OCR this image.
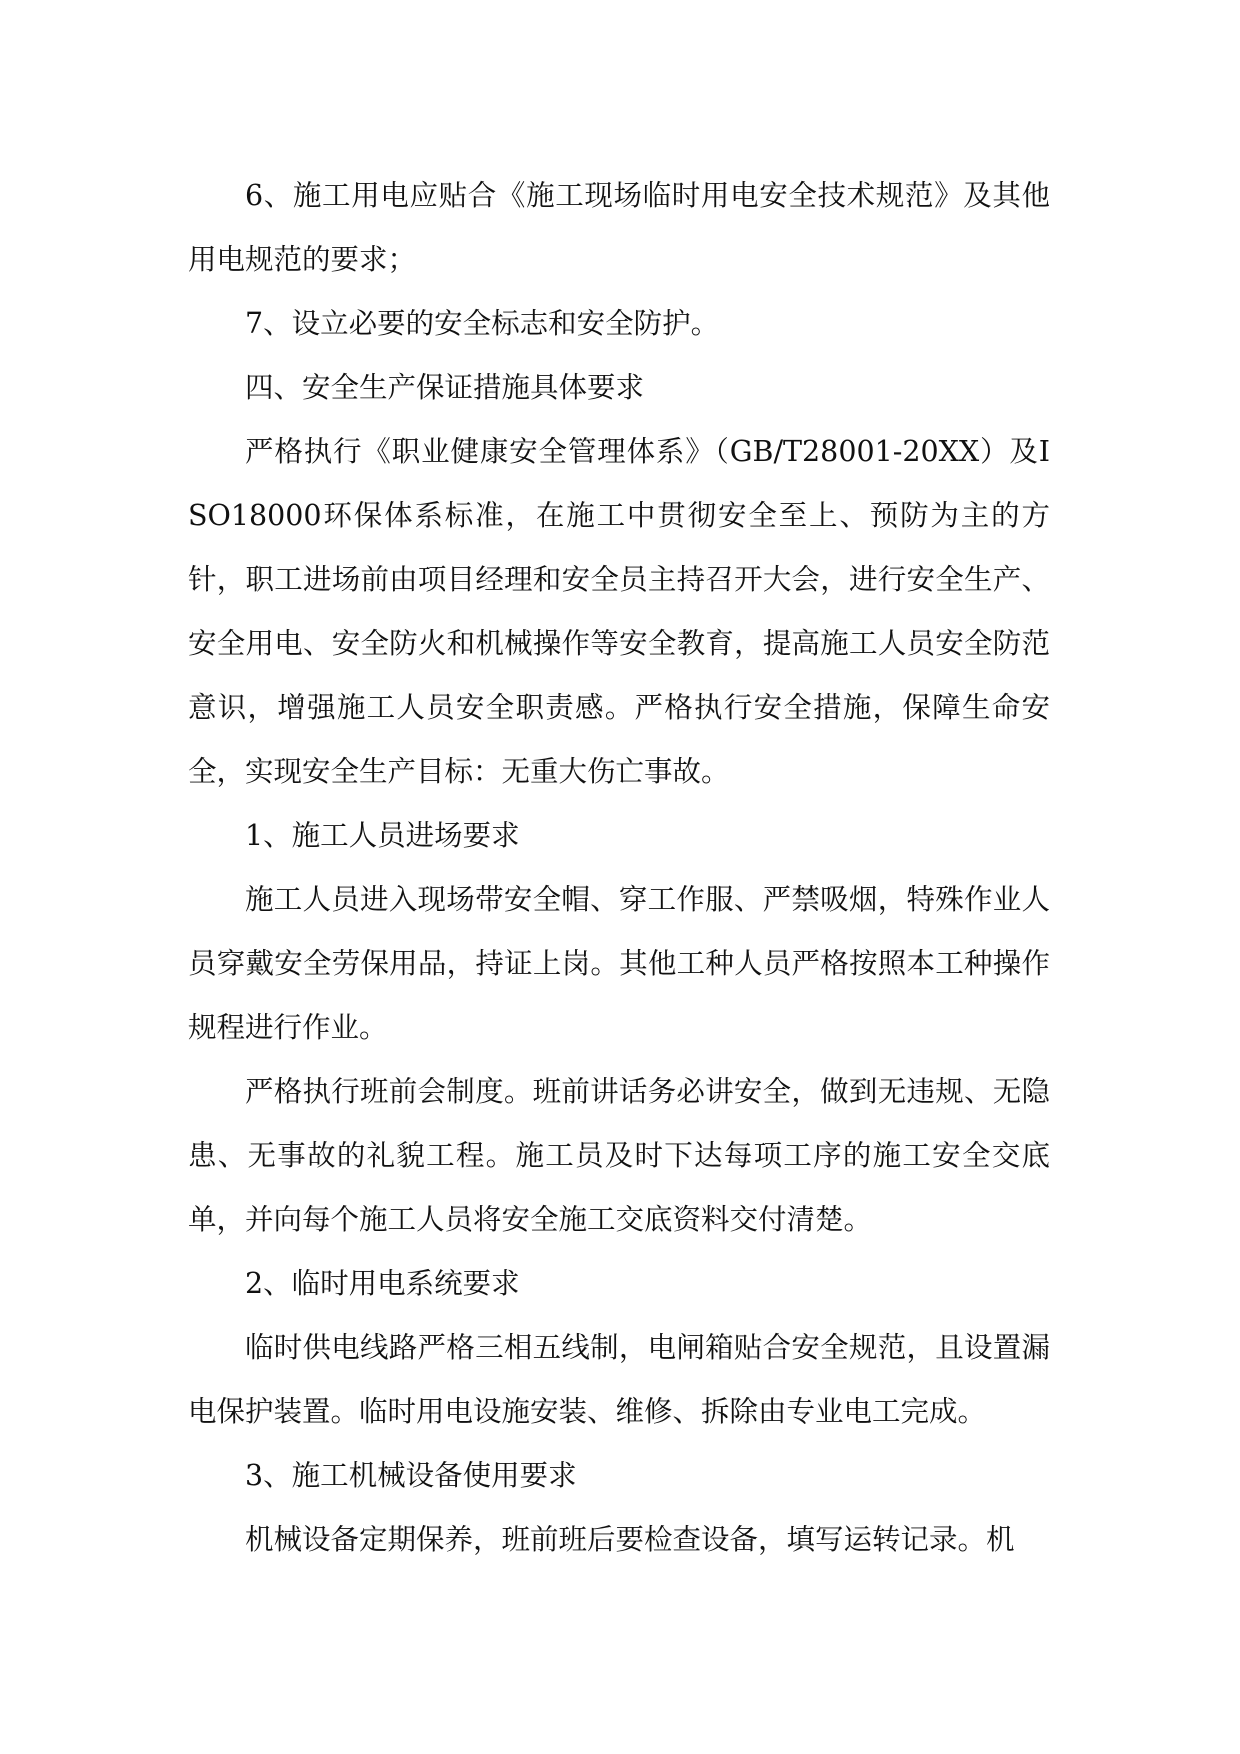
6、施工用电应贴合《施工现场临时用电安全技术规范》及其他用电规范的要求；

7、设立必要的安全标志和安全防护。

四、安全生产保证措施具体要求

严格执行《职业健康安全管理体系》（GB/T28001-20XX）及ISO18000环保体系标准，在施工中贯彻安全至上、预防为主的方针，职工进场前由项目经理和安全员主持召开大会，进行安全生产、安全用电、安全防火和机械操作等安全教育，提高施工人员安全防范意识，增强施工人员安全职责感。严格执行安全措施，保障生命安全，实现安全生产目标：无重大伤亡事故。

1、施工人员进场要求

施工人员进入现场带安全帽、穿工作服、严禁吸烟，特殊作业人员穿戴安全劳保用品，持证上岗。其他工种人员严格按照本工种操作规程进行作业。

严格执行班前会制度。班前讲话务必讲安全，做到无违规、无隐患、无事故的礼貌工程。施工员及时下达每项工序的施工安全交底单，并向每个施工人员将安全施工交底资料交付清楚。

2、临时用电系统要求

临时供电线路严格三相五线制，电闸箱贴合安全规范，且设置漏电保护装置。临时用电设施安装、维修、拆除由专业电工完成。

3、施工机械设备使用要求

机械设备定期保养，班前班后要检查设备，填写运转记录。机
